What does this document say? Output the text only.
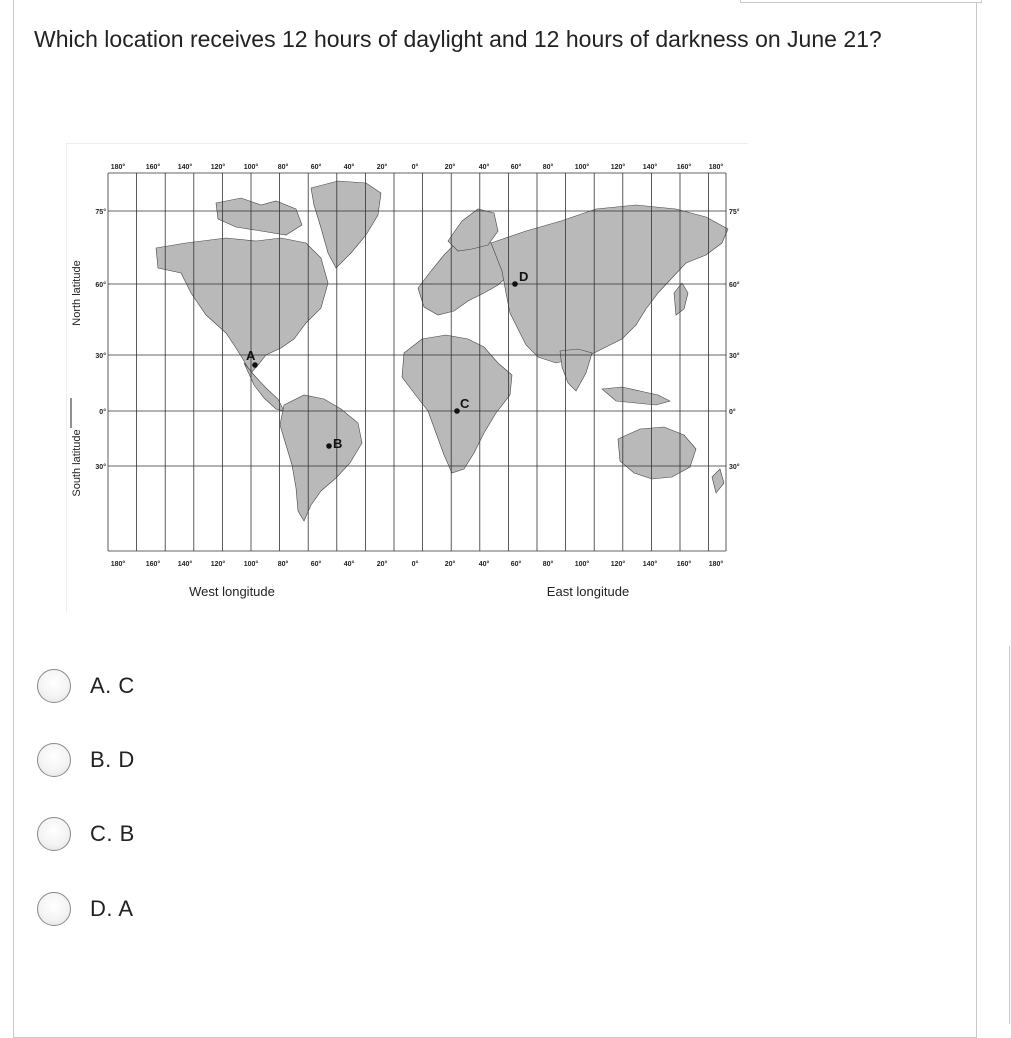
Which location receives 12 hours of daylight and 12 hours of darkness on June 21?
180°	160°	140°	120°	100°	80°	60°	40°	20°	0°	20°	40°	60°	80°	100°	120°	140°	160°	180°
180°	160°	140°	120°	100°	80°	60°	40°	20°	0°	20°	40°	60°	80°	100°	120°	140°	160°	180°
75°
60°
30°
0°
30°
75°
60°
30°
0°
30°
North latitude
South latitude
West longitude	East longitude
A
B
C
D
A. C
B. D
C. B
D. A
